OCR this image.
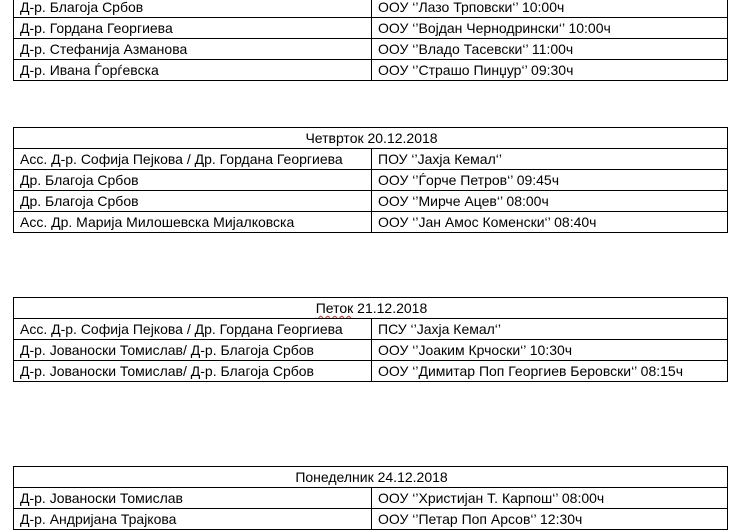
Д-р. Благоја Србов	ООУ ‘’Лазо Трповски‘’ 10:00ч
Д-р. Гордана Георгиева	ООУ ‘’Војдан Чернодрински‘’ 10:00ч
Д-р. Стефанија Азманова	ООУ ‘’Владо Тасевски‘’ 11:00ч
Д-р. Ивана Ѓорѓевска	ООУ ‘’Страшо Пинџур‘’ 09:30ч
Четврток 20.12.2018	
Асс. Д-р. Софија Пејкова / Др. Гордана Георгиева	ПОУ ‘’Јахја Кемал‘’
Др. Благоја Србов	ООУ ‘’Ѓорче Петров‘’ 09:45ч
Др. Благоја Србов	ООУ ‘’Мирче Ацев‘’ 08:00ч
Асс. Др. Марија Милошевска Мијалковска	ООУ ‘’Јан Амос Коменски‘’ 08:40ч
Петок 21.12.2018	
Асс. Д-р. Софија Пејкова / Др. Гордана Георгиева	ПСУ ‘’Јахја Кемал‘’
Д-р. Јованоски Томислав/ Д-р. Благоја Србов	ООУ ‘’Јоаким Крчоски‘’ 10:30ч
Д-р. Јованоски Томислав/ Д-р. Благоја Србов	ООУ ‘’Димитар Поп Георгиев Беровски‘’ 08:15ч
Понеделник 24.12.2018	
Д-р. Јованоски Томислав	ООУ ‘’Христијан Т. Карпош‘’ 08:00ч
Д-р. Андријана Трајкова	ООУ ‘’Петар Поп Арсов‘’ 12:30ч
